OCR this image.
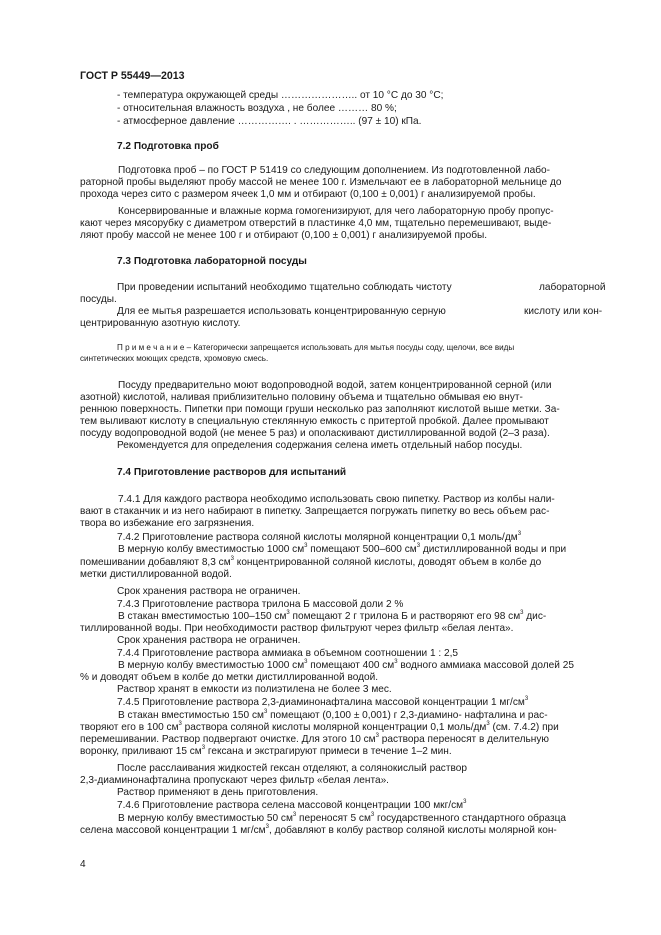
ГОСТ Р 55449—2013
- температура окружающей среды ………………….. от 10 °С до 30 °С;
- относительная влажность воздуха , не более ……… 80 %;
- атмосферное давление ……………. . …………….. (97 ± 10) кПа.
7.2 Подготовка проб
Подготовка проб – по ГОСТ Р 51419 со следующим дополнением. Из подготовленной лабо-
раторной пробы выделяют пробу массой не менее 100 г. Измельчают ее в лабораторной мельнице до
прохода через сито с размером ячеек 1,0 мм и отбирают (0,100 ± 0,001) г анализируемой пробы.
Консервированные и влажные корма гомогенизируют, для чего лабораторную пробу пропус-
кают через мясорубку с диаметром отверстий в пластинке 4,0 мм, тщательно перемешивают, выде-
ляют пробу массой не менее 100 г и отбирают (0,100 ± 0,001) г анализируемой пробы.
7.3 Подготовка лабораторной посуды
При проведении испытаний необходимо тщательно соблюдать чистоту	лабораторной
посуды.
Для ее мытья разрешается использовать концентрированную серную	кислоту или кон-
центрированную азотную кислоту.
П р и м е ч а н и е – Категорически запрещается использовать для мытья посуды соду, щелочи, все виды
синтетических моющих средств, хромовую смесь.
Посуду предварительно моют водопроводной водой, затем концентрированной серной (или
азотной) кислотой, наливая приблизительно половину объема и тщательно обмывая ею внут-
реннюю поверхность. Пипетки при помощи груши несколько раз заполняют кислотой выше метки. За-
тем выливают кислоту в специальную стеклянную емкость с притертой пробкой. Далее промывают
посуду водопроводной водой (не менее 5 раз) и ополаскивают дистиллированной водой (2–3 раза).
Рекомендуется для определения содержания селена иметь отдельный набор посуды.
7.4 Приготовление растворов для испытаний
7.4.1 Для каждого раствора необходимо использовать свою пипетку. Раствор из колбы нали-
вают в стаканчик и из него набирают в пипетку. Запрещается погружать пипетку во весь объем рас-
твора во избежание его загрязнения.
7.4.2 Приготовление раствора соляной кислоты молярной концентрации 0,1 моль/$дм^3$
В мерную колбу вместимостью 1000 $см^3$ помещают 500–600 $см^3$ дистиллированной воды и при
помешивании добавляют 8,3 $см^3$ концентрированной соляной кислоты, доводят объем в колбе до
метки дистиллированной водой.
Срок хранения раствора не ограничен.
7.4.3 Приготовление раствора трилона Б массовой доли 2 %
В стакан вместимостью 100–150 $см^3$ помещают 2 г трилона Б и растворяют его 98 $см^3$ дис-
тиллированной воды. При необходимости раствор фильтруют через фильтр «белая лента».
Срок хранения раствора не ограничен.
7.4.4 Приготовление раствора аммиака в объемном соотношении 1 : 2,5
В мерную колбу вместимостью 1000 $см^3$ помещают 400 $см^3$ водного аммиака массовой долей 25
% и доводят объем в колбе до метки дистиллированной водой.
Раствор хранят в емкости из полиэтилена не более 3 мес.
7.4.5 Приготовление раствора 2,3-диаминонафталина массовой концентрации 1 $мг/см^3$
В стакан вместимостью 150 $см^3$ помещают (0,100 ± 0,001) г 2,3-диамино- нафталина и рас-
творяют его в 100 $см^3$ раствора соляной кислоты молярной концентрации 0,1 моль/$дм^3$ (см. 7.4.2) при
перемешивании. Раствор подвергают очистке. Для этого 10 $см^3$ раствора переносят в делительную
воронку, приливают 15 $см^3$ гексана и экстрагируют примеси в течение 1–2 мин.
После расслаивания жидкостей гексан отделяют, а солянокислый раствор
2,3-диаминонафталина пропускают через фильтр «белая лента».
Раствор применяют в день приготовления.
7.4.6 Приготовление раствора селена массовой концентрации 100 мкг/$см^3$
В мерную колбу вместимостью 50 $см^3$ переносят 5 $см^3$ государственного стандартного образца
селена массовой концентрации 1 $мг/см^3$, добавляют в колбу раствор соляной кислоты молярной кон-
4
